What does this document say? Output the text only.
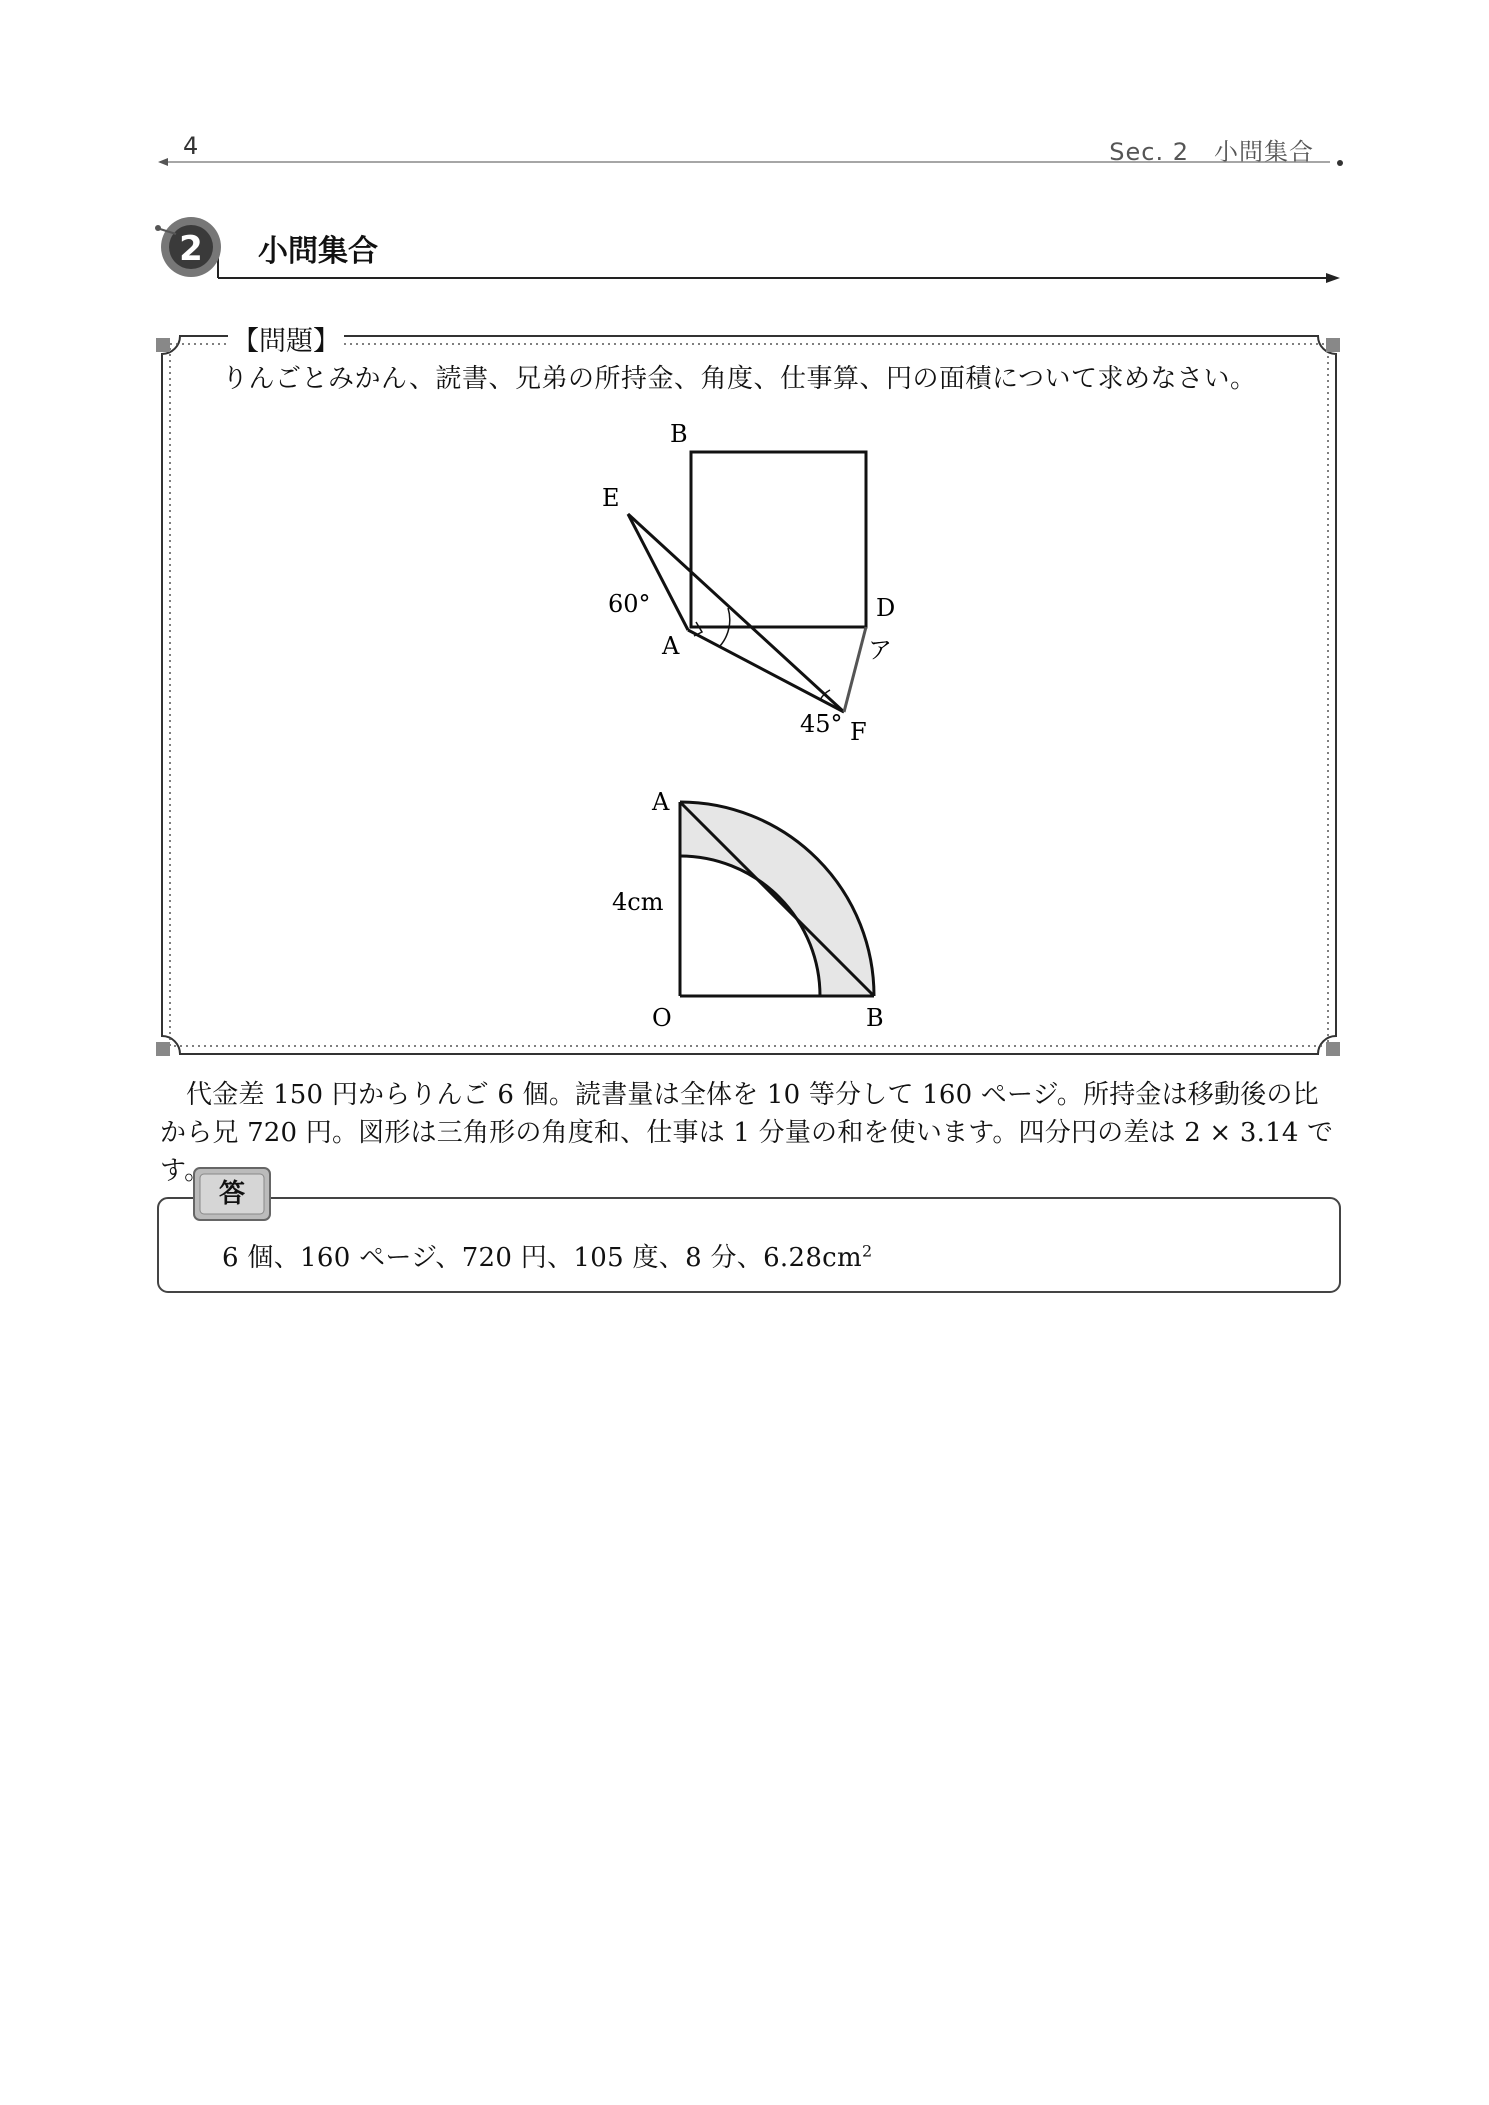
4	Sec. 2　小問集合
2	小問集合
【問題】
りんごとみかん、読書、兄弟の所持金、角度、仕事算、円の面積について求めなさい。
B
E
D
A
F
ア
60°
45°
A
4cm
O	B
代金差 150 円からりんご 6 個。読書量は全体を 10 等分して 160 ページ。所持金は移動後の比から兄 720 円。図形は三角形の角度和、仕事は 1 分量の和を使います。四分円の差は 2 × 3.14 です。
答
6 個、160 ページ、720 円、105 度、8 分、$6.28cm^2$
